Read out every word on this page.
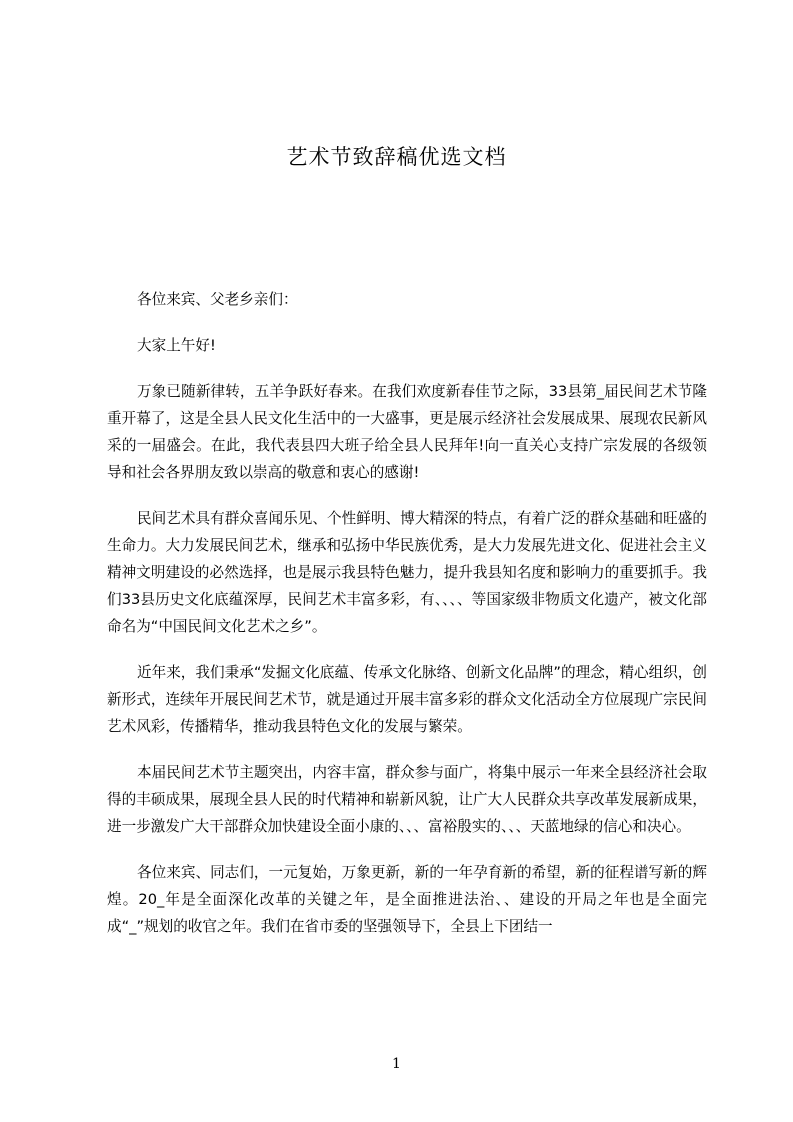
艺术节致辞稿优选文档

各位来宾、父老乡亲们：

大家上午好!

万象已随新律转，五羊争跃好春来。在我们欢度新春佳节之际，33县第_届民间艺术节隆重开幕了，这是全县人民文化生活中的一大盛事，更是展示经济社会发展成果、展现农民新风采的一届盛会。在此，我代表县四大班子给全县人民拜年!向一直关心支持广宗发展的各级领导和社会各界朋友致以崇高的敬意和衷心的感谢!

民间艺术具有群众喜闻乐见、个性鲜明、博大精深的特点，有着广泛的群众基础和旺盛的生命力。大力发展民间艺术，继承和弘扬中华民族优秀，是大力发展先进文化、促进社会主义精神文明建设的必然选择，也是展示我县特色魅力，提升我县知名度和影响力的重要抓手。我们33县历史文化底蕴深厚，民间艺术丰富多彩，有、、、、等国家级非物质文化遗产，被文化部命名为“中国民间文化艺术之乡”。

近年来，我们秉承“发掘文化底蕴、传承文化脉络、创新文化品牌”的理念，精心组织，创新形式，连续年开展民间艺术节，就是通过开展丰富多彩的群众文化活动全方位展现广宗民间艺术风彩，传播精华，推动我县特色文化的发展与繁荣。

本届民间艺术节主题突出，内容丰富，群众参与面广，将集中展示一年来全县经济社会取得的丰硕成果，展现全县人民的时代精神和崭新风貌，让广大人民群众共享改革发展新成果，进一步激发广大干部群众加快建设全面小康的、、、富裕殷实的、、、天蓝地绿的信心和决心。

各位来宾、同志们，一元复始，万象更新，新的一年孕育新的希望，新的征程谱写新的辉煌。20_年是全面深化改革的关键之年，是全面推进法治、、建设的开局之年也是全面完成“_”规划的收官之年。我们在省市委的坚强领导下，全县上下团结一

1
